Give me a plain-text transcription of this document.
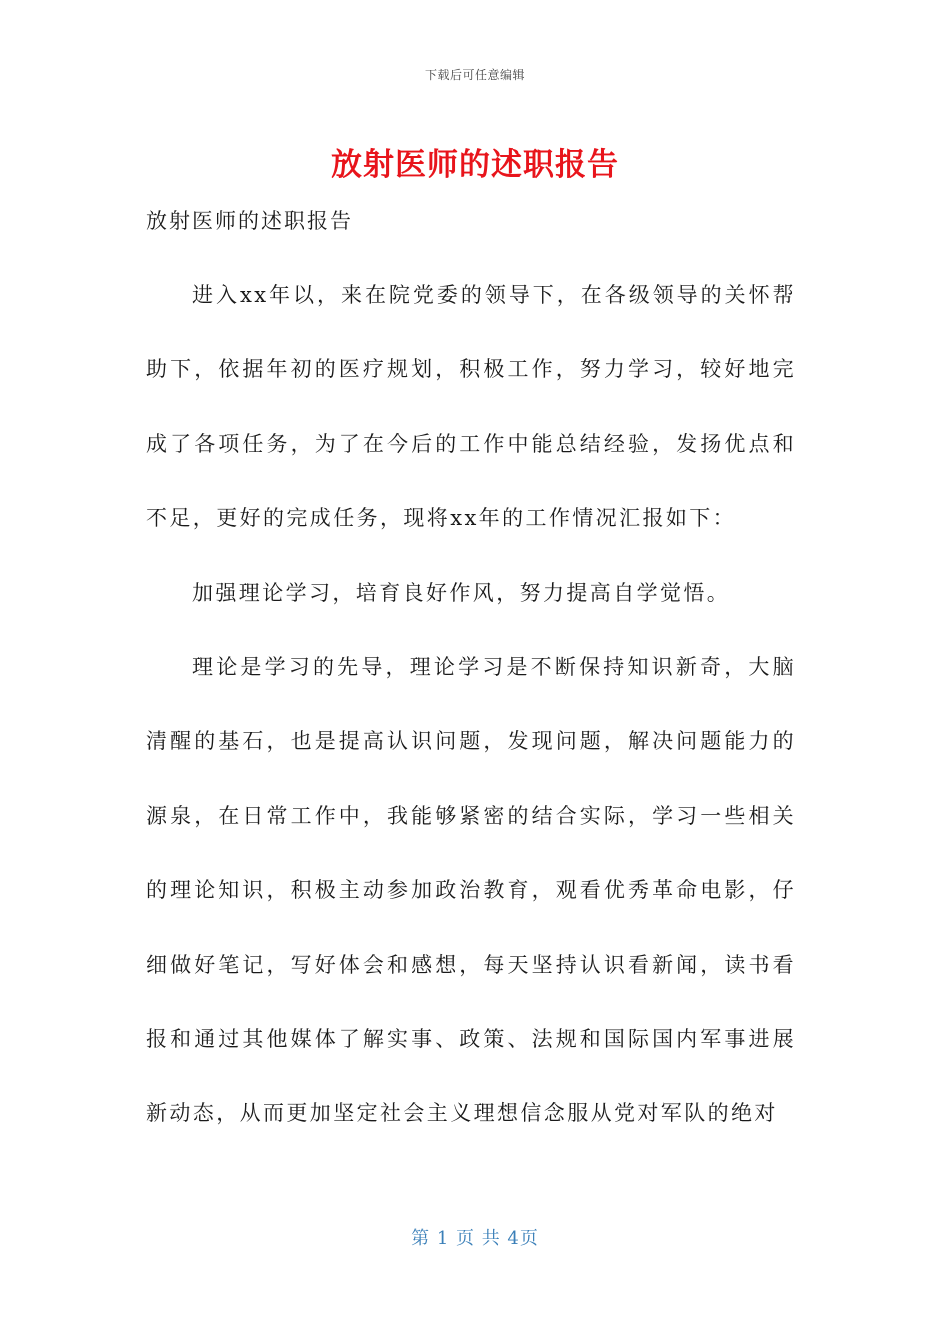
下载后可任意编辑
放射医师的述职报告

放射医师的述职报告

进入xx年以，来在院党委的领导下，在各级领导的关怀帮助下，依据年初的医疗规划，积极工作，努力学习，较好地完成了各项任务，为了在今后的工作中能总结经验，发扬优点和不足，更好的完成任务，现将xx年的工作情况汇报如下：

加强理论学习，培育良好作风，努力提高自学觉悟。

理论是学习的先导，理论学习是不断保持知识新奇，大脑清醒的基石，也是提高认识问题，发现问题，解决问题能力的源泉，在日常工作中，我能够紧密的结合实际，学习一些相关的理论知识，积极主动参加政治教育，观看优秀革命电影，仔细做好笔记，写好体会和感想，每天坚持认识看新闻，读书看报和通过其他媒体了解实事、政策、法规和国际国内军事进展新动态，从而更加坚定社会主义理想信念服从党对军队的绝对

第 1 页 共 4页
